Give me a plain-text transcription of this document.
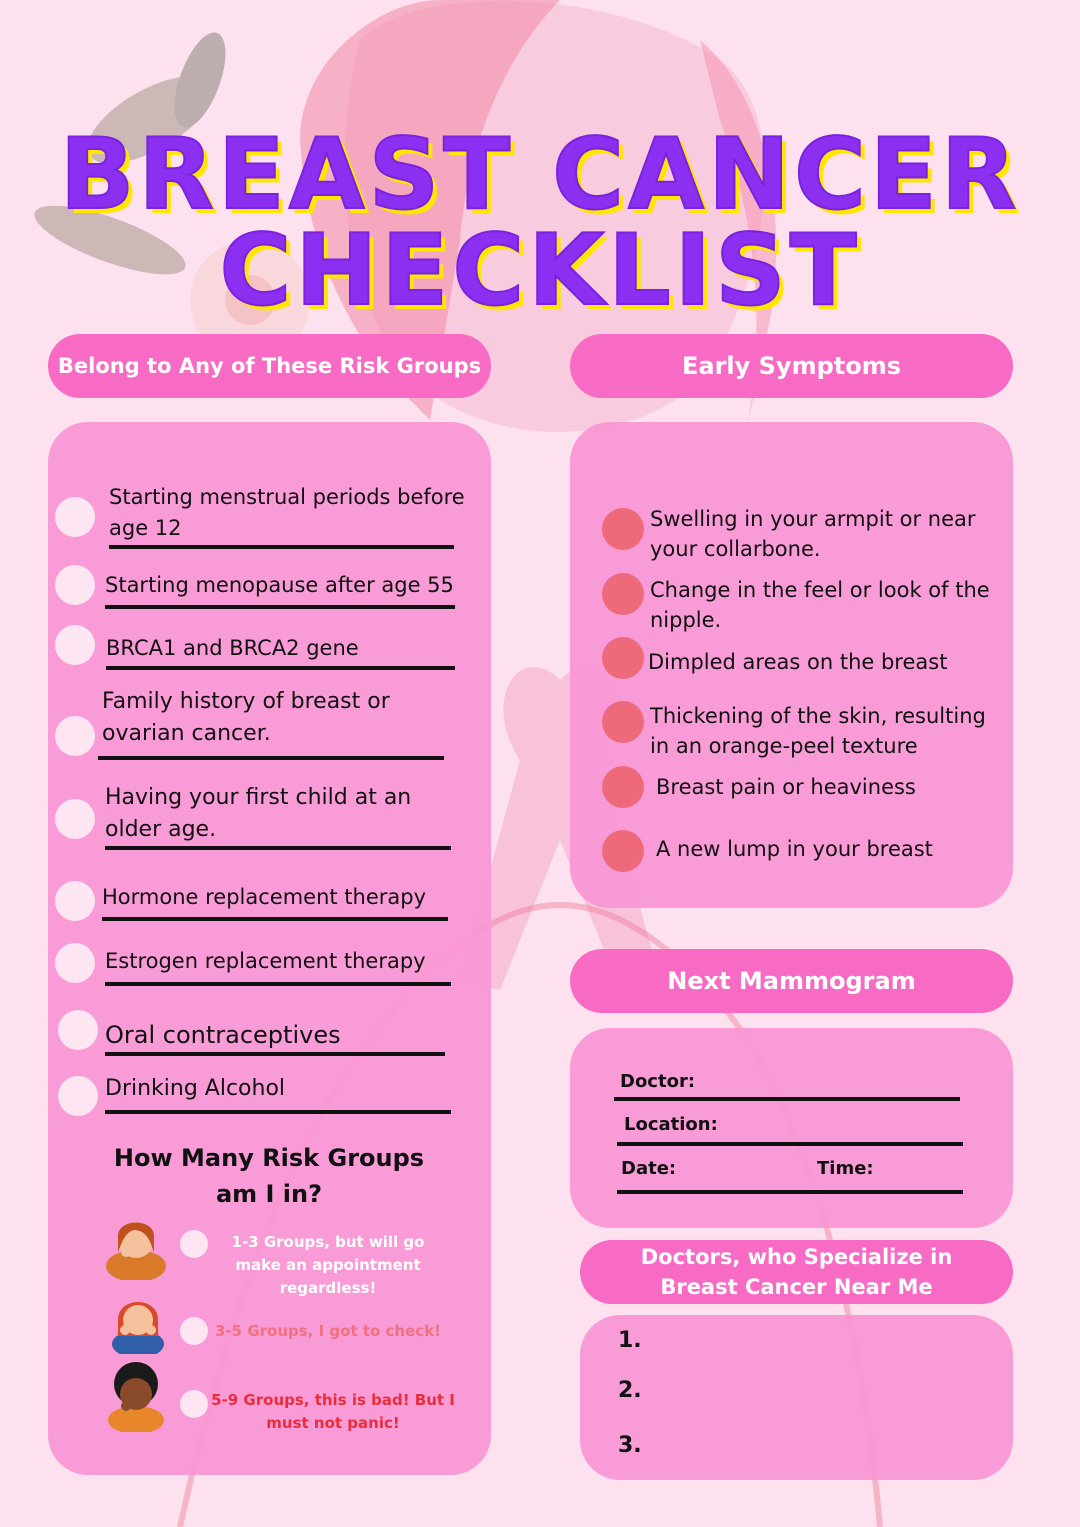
BREAST CANCER
CHECKLIST
Belong to Any of These Risk Groups
Starting menstrual periods before age 12
Starting menopause after age 55
BRCA1 and BRCA2 gene
Family history of breast or ovarian cancer.
Having your first child at an older age.
Hormone replacement therapy
Estrogen replacement therapy
Oral contraceptives
Drinking Alcohol
How Many Risk Groups am I in?
1-3 Groups, but will go make an appointment regardless!
3-5 Groups, I got to check!
5-9 Groups, this is bad! But I must not panic!
Early Symptoms
Swelling in your armpit or near your collarbone.
Change in the feel or look of the nipple.
Dimpled areas on the breast
Thickening of the skin, resulting in an orange-peel texture
Breast pain or heaviness
A new lump in your breast
Next Mammogram
Doctor:
Location:
Date:	Time:
Doctors, who Specialize in Breast Cancer Near Me
1.
2.
3.
